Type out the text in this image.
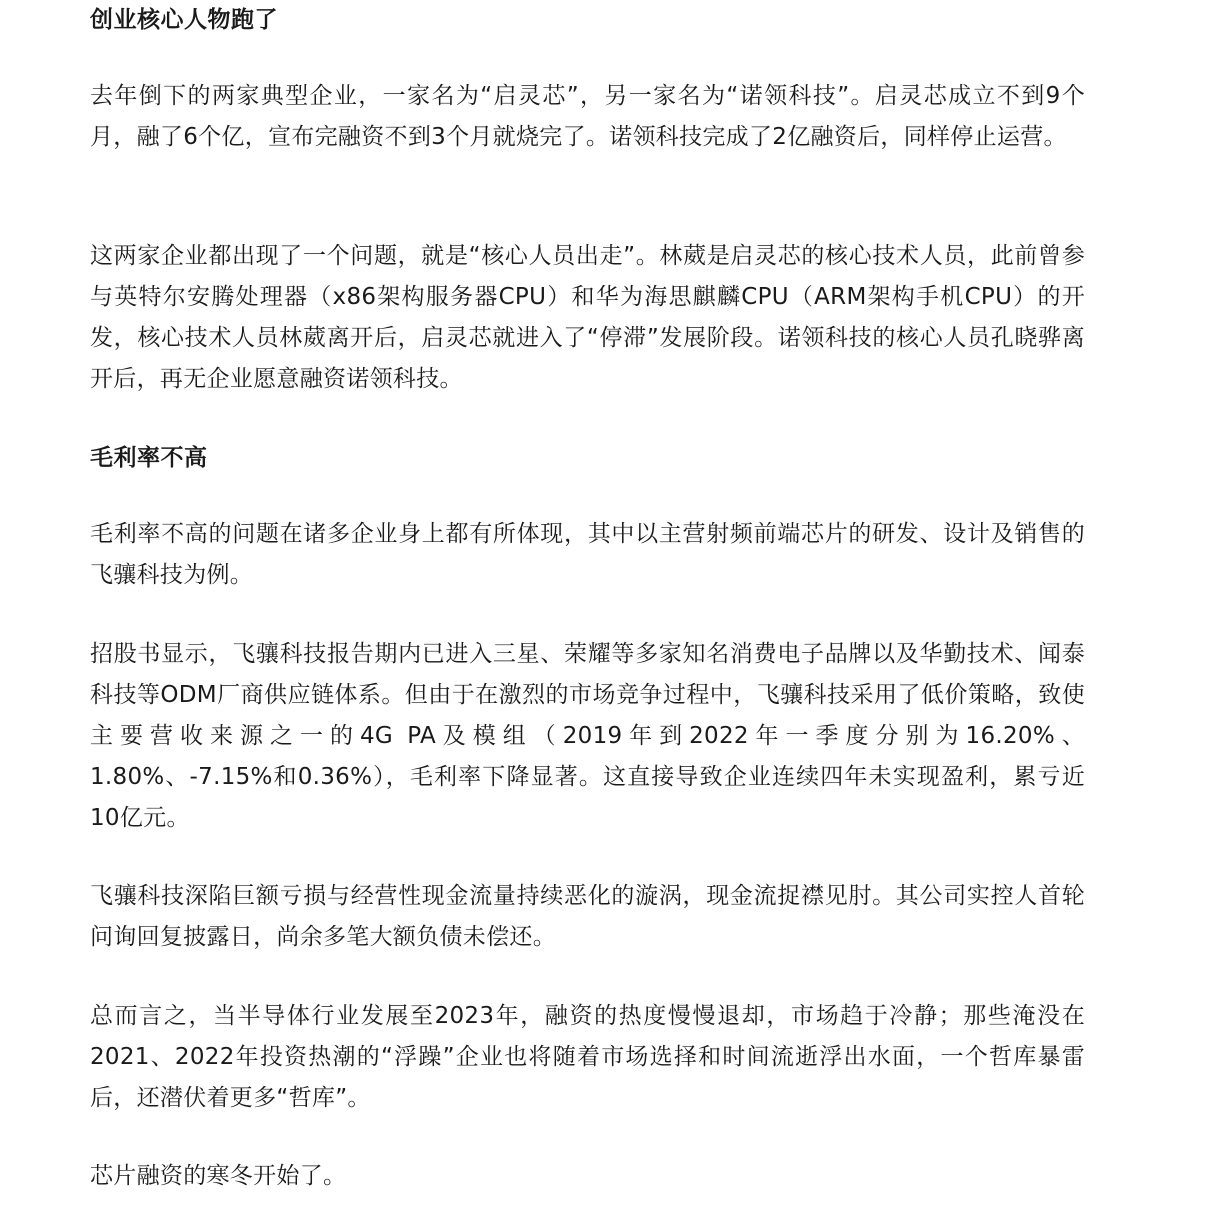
创业核心人物跑了

去年倒下的两家典型企业，一家名为“启灵芯”，另一家名为“诺领科技”。启灵芯成立不到9个月，融了6个亿，宣布完融资不到3个月就烧完了。诺领科技完成了2亿融资后，同样停止运营。

这两家企业都出现了一个问题，就是“核心人员出走”。林葳是启灵芯的核心技术人员，此前曾参与英特尔安腾处理器（x86架构服务器CPU）和华为海思麒麟CPU（ARM架构手机CPU）的开发，核心技术人员林葳离开后，启灵芯就进入了“停滞”发展阶段。诺领科技的核心人员孔晓骅离开后，再无企业愿意融资诺领科技。

毛利率不高

毛利率不高的问题在诸多企业身上都有所体现，其中以主营射频前端芯片的研发、设计及销售的飞骧科技为例。

招股书显示，飞骧科技报告期内已进入三星、荣耀等多家知名消费电子品牌以及华勤技术、闻泰科技等ODM厂商供应链体系。但由于在激烈的市场竞争过程中，飞骧科技采用了低价策略，致使主要营收来源之一的4G PA及模组（2019年到2022年一季度分别为16.20%、1.80%、-7.15%和0.36%），毛利率下降显著。这直接导致企业连续四年未实现盈利，累亏近10亿元。

飞骧科技深陷巨额亏损与经营性现金流量持续恶化的漩涡，现金流捉襟见肘。其公司实控人首轮问询回复披露日，尚余多笔大额负债未偿还。

总而言之，当半导体行业发展至2023年，融资的热度慢慢退却，市场趋于冷静；那些淹没在2021、2022年投资热潮的“浮躁”企业也将随着市场选择和时间流逝浮出水面，一个哲库暴雷后，还潜伏着更多“哲库”。

芯片融资的寒冬开始了。
